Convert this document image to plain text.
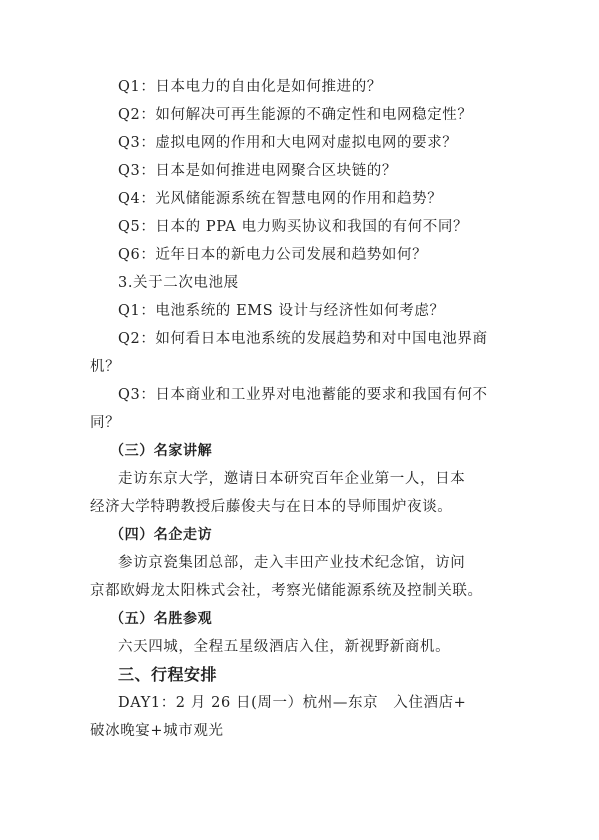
Q1：日本电力的自由化是如何推进的？
Q2：如何解决可再生能源的不确定性和电网稳定性？
Q3：虚拟电网的作用和大电网对虚拟电网的要求？
Q3：日本是如何推进电网聚合区块链的？
Q4：光风储能源系统在智慧电网的作用和趋势？
Q5：日本的 PPA 电力购买协议和我国的有何不同？
Q6：近年日本的新电力公司发展和趋势如何？
3.关于二次电池展
Q1：电池系统的 EMS 设计与经济性如何考虑？
Q2：如何看日本电池系统的发展趋势和对中国电池界商
机？
Q3：日本商业和工业界对电池蓄能的要求和我国有何不
同？
（三）名家讲解
走访东京大学，邀请日本研究百年企业第一人，日本
经济大学特聘教授后藤俊夫与在日本的导师围炉夜谈。
（四）名企走访
参访京瓷集团总部，走入丰田产业技术纪念馆，访问
京都欧姆龙太阳株式会社，考察光储能源系统及控制关联。
（五）名胜参观
六天四城，全程五星级酒店入住，新视野新商机。
三、行程安排
DAY1：2 月 26 日(周一）杭州—东京　入住酒店+
破冰晚宴+城市观光
